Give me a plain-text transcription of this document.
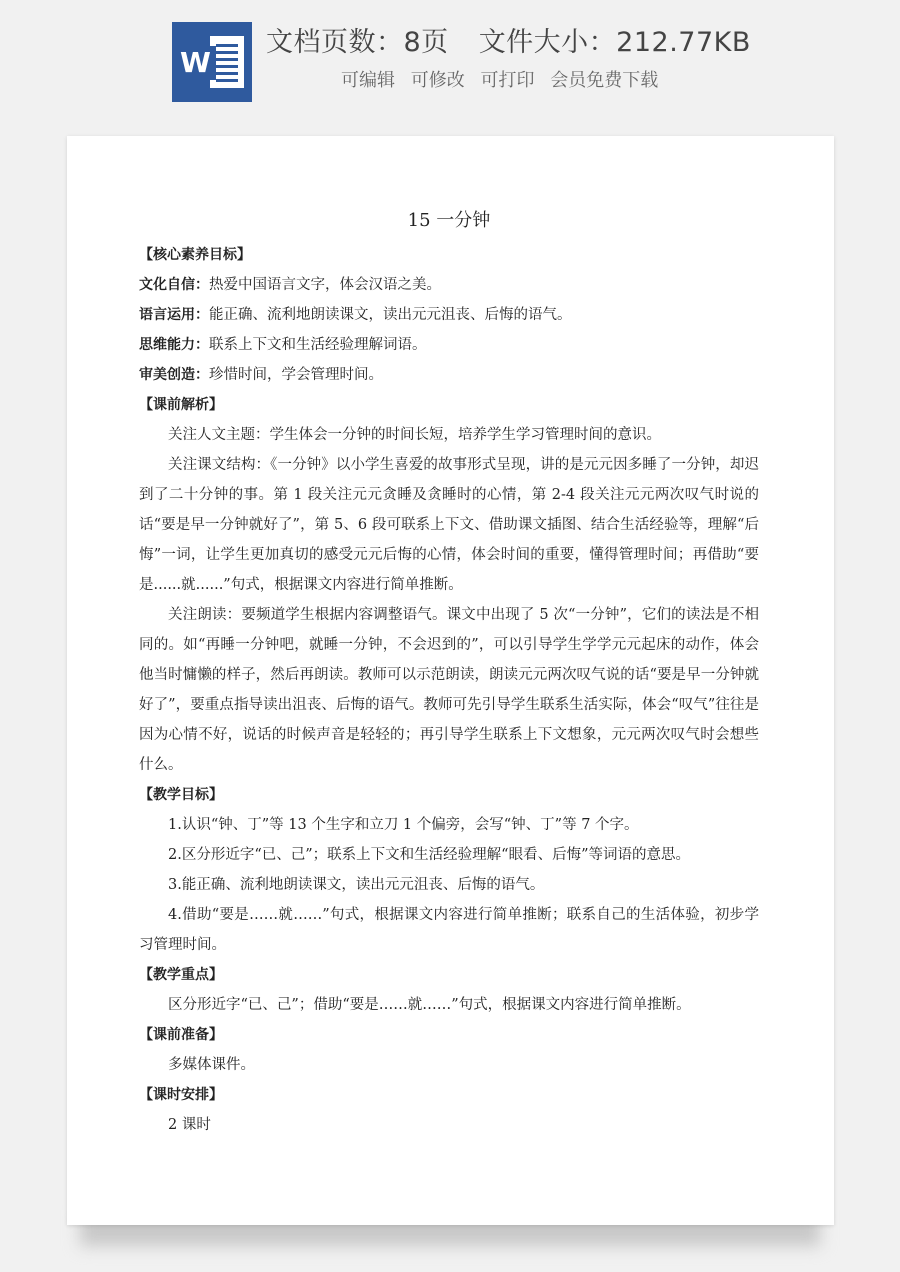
W
文档页数：8页 文件大小：212.77KB
可编辑 可修改 可打印 会员免费下载
15 一分钟
【核心素养目标】
文化自信：热爱中国语言文字，体会汉语之美。
语言运用：能正确、流利地朗读课文，读出元元沮丧、后悔的语气。
思维能力：联系上下文和生活经验理解词语。
审美创造：珍惜时间，学会管理时间。
【课前解析】
关注人文主题：学生体会一分钟的时间长短，培养学生学习管理时间的意识。
关注课文结构：《一分钟》以小学生喜爱的故事形式呈现，讲的是元元因多睡了一分钟，却迟到了二十分钟的事。第 1 段关注元元贪睡及贪睡时的心情，第 2-4 段关注元元两次叹气时说的话“要是早一分钟就好了”，第 5、6 段可联系上下文、借助课文插图、结合生活经验等，理解“后悔”一词，让学生更加真切的感受元元后悔的心情，体会时间的重要，懂得管理时间；再借助“要是......就......”句式，根据课文内容进行简单推断。
关注朗读：要频道学生根据内容调整语气。课文中出现了 5 次“一分钟”，它们的读法是不相同的。如“再睡一分钟吧，就睡一分钟，不会迟到的”，可以引导学生学学元元起床的动作，体会他当时慵懒的样子，然后再朗读。教师可以示范朗读，朗读元元两次叹气说的话“要是早一分钟就好了”，要重点指导读出沮丧、后悔的语气。教师可先引导学生联系生活实际，体会“叹气”往往是因为心情不好，说话的时候声音是轻轻的；再引导学生联系上下文想象，元元两次叹气时会想些什么。
【教学目标】
1.认识“钟、丁”等 13 个生字和立刀 1 个偏旁，会写“钟、丁”等 7 个字。
2.区分形近字“已、己”；联系上下文和生活经验理解“眼看、后悔”等词语的意思。
3.能正确、流利地朗读课文，读出元元沮丧、后悔的语气。
4.借助“要是……就……”句式，根据课文内容进行简单推断；联系自己的生活体验，初步学习管理时间。
【教学重点】
区分形近字“已、己”；借助“要是……就……”句式，根据课文内容进行简单推断。
【课前准备】
多媒体课件。
【课时安排】
2 课时
